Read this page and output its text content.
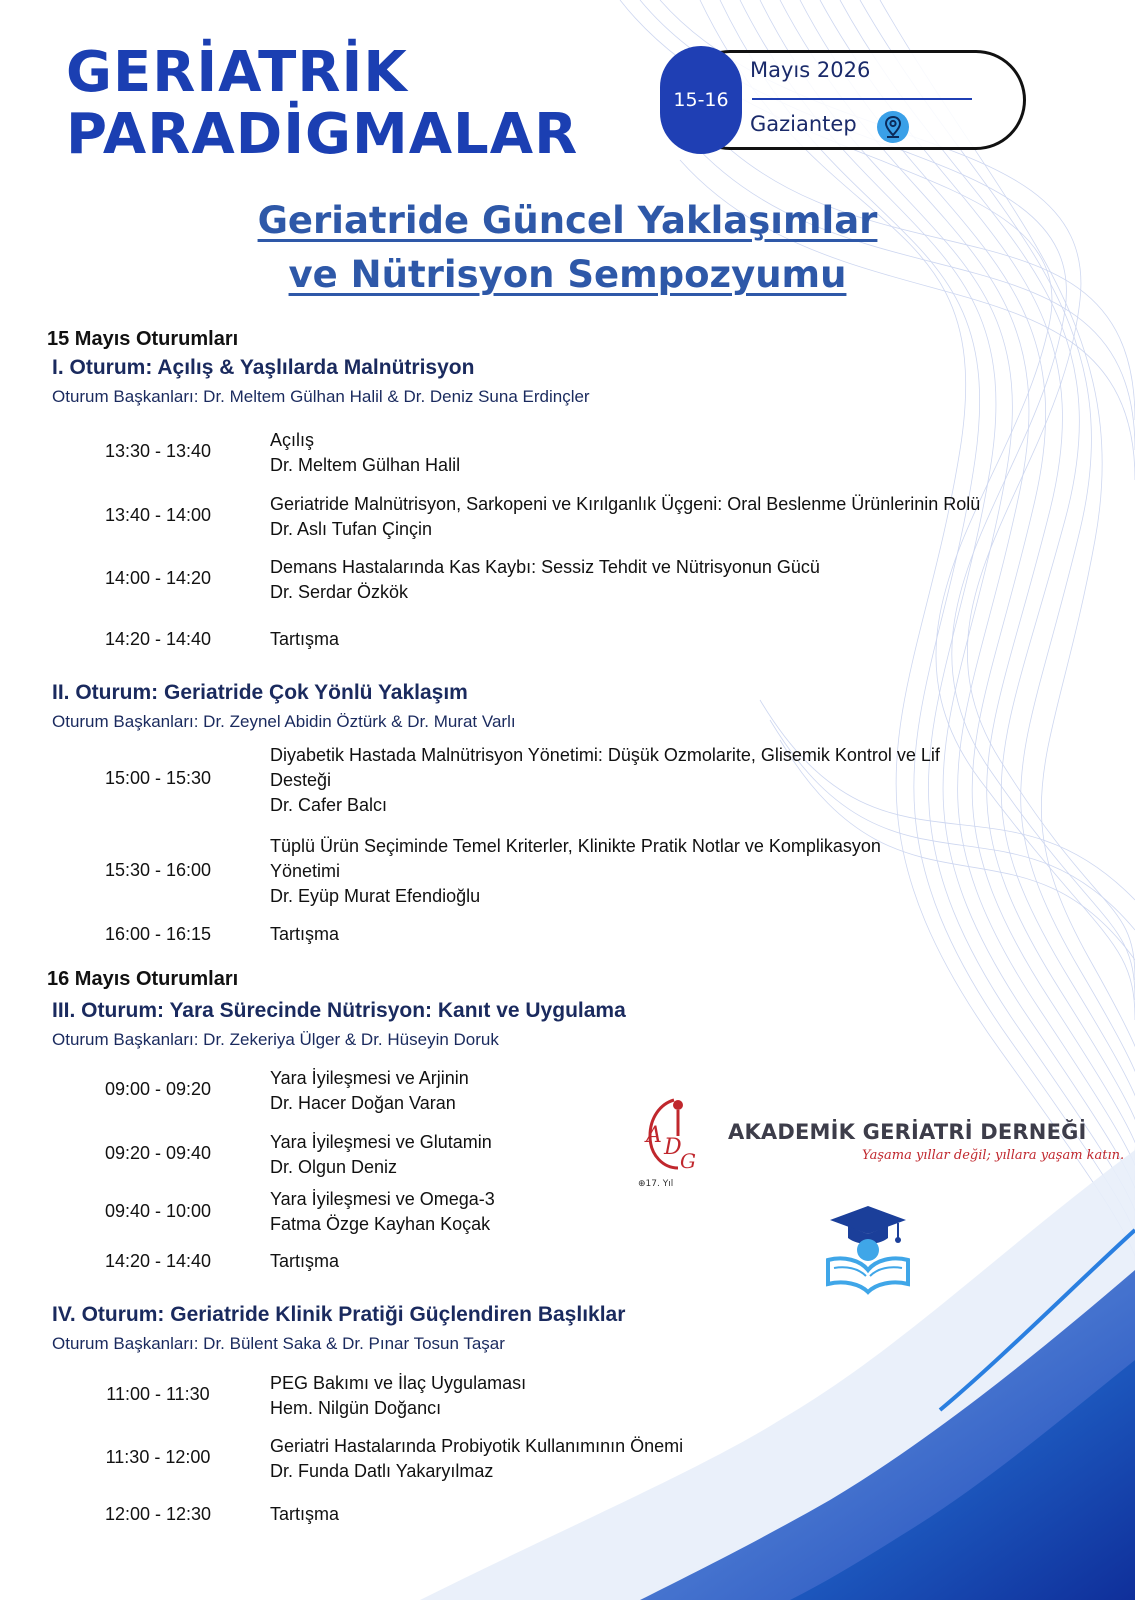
GERİATRİK
PARADİGMALAR
15-16
Mayıs 2026
Gaziantep
Geriatride Güncel Yaklaşımlar
ve Nütrisyon Sempozyumu
15 Mayıs Oturumları
I. Oturum: Açılış & Yaşlılarda Malnütrisyon

Oturum Başkanları: Dr. Meltem Gülhan Halil & Dr. Deniz Suna Erdinçler

13:30 - 13:40
Açılış
Dr. Meltem Gülhan Halil
13:40 - 14:00
Geriatride Malnütrisyon, Sarkopeni ve Kırılganlık Üçgeni: Oral Beslenme Ürünlerinin Rolü
Dr. Aslı Tufan Çinçin
14:00 - 14:20
Demans Hastalarında Kas Kaybı: Sessiz Tehdit ve Nütrisyonun Gücü
Dr. Serdar Özkök
14:20 - 14:40	Tartışma
II. Oturum: Geriatride Çok Yönlü Yaklaşım

Oturum Başkanları: Dr. Zeynel Abidin Öztürk & Dr. Murat Varlı

15:00 - 15:30
Diyabetik Hastada Malnütrisyon Yönetimi: Düşük Ozmolarite, Glisemik Kontrol ve Lif
Desteği
Dr. Cafer Balcı
15:30 - 16:00
Tüplü Ürün Seçiminde Temel Kriterler, Klinikte Pratik Notlar ve Komplikasyon
Yönetimi
Dr. Eyüp Murat Efendioğlu
16:00 - 16:15	Tartışma
16 Mayıs Oturumları
III. Oturum: Yara Sürecinde Nütrisyon: Kanıt ve Uygulama

Oturum Başkanları: Dr. Zekeriya Ülger & Dr. Hüseyin Doruk

09:00 - 09:20
Yara İyileşmesi ve Arjinin
Dr. Hacer Doğan Varan
09:20 - 09:40
Yara İyileşmesi ve Glutamin
Dr. Olgun Deniz
09:40 - 10:00
Yara İyileşmesi ve Omega-3
Fatma Özge Kayhan Koçak
14:20 - 14:40	Tartışma
IV. Oturum: Geriatride Klinik Pratiği Güçlendiren Başlıklar

Oturum Başkanları: Dr. Bülent Saka & Dr. Pınar Tosun Taşar

11:00 - 11:30
PEG Bakımı ve İlaç Uygulaması
Hem. Nilgün Doğancı
11:30 - 12:00
Geriatri Hastalarında Probiyotik Kullanımının Önemi
Dr. Funda Datlı Yakaryılmaz
12:00 - 12:30	Tartışma
A D
G
⊕17. Yıl
AKADEMİK GERİATRİ DERNEĞİ
Yaşama yıllar değil; yıllara yaşam katın.
